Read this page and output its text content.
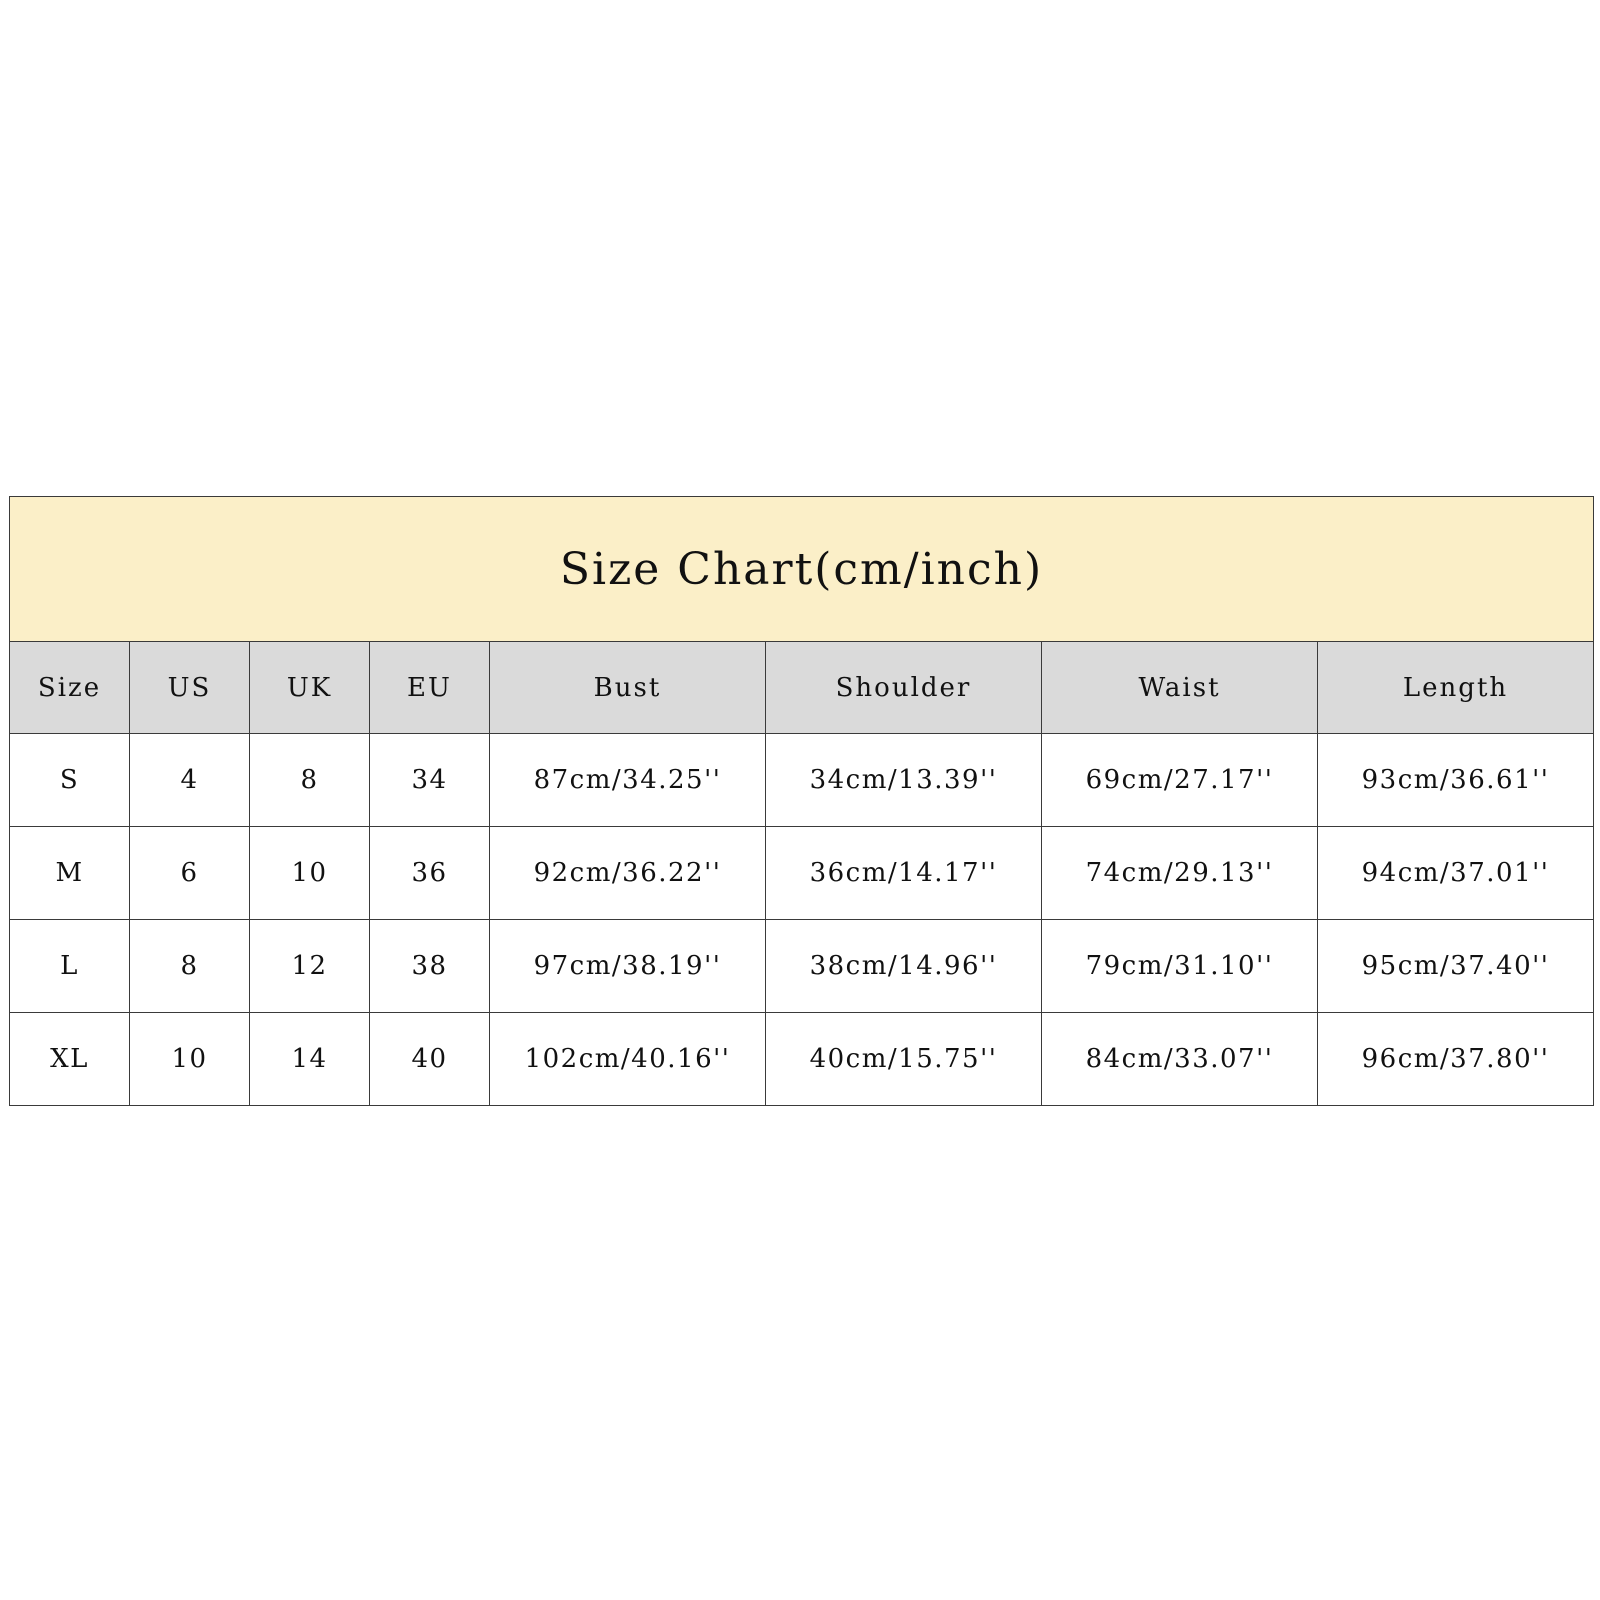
Size Chart(cm/inch)							
Size	US	UK	EU	Bust	Shoulder	Waist	Length
S	4	8	34	87cm/34.25''	34cm/13.39''	69cm/27.17''	93cm/36.61''
M	6	10	36	92cm/36.22''	36cm/14.17''	74cm/29.13''	94cm/37.01''
L	8	12	38	97cm/38.19''	38cm/14.96''	79cm/31.10''	95cm/37.40''
XL	10	14	40	102cm/40.16''	40cm/15.75''	84cm/33.07''	96cm/37.80''
